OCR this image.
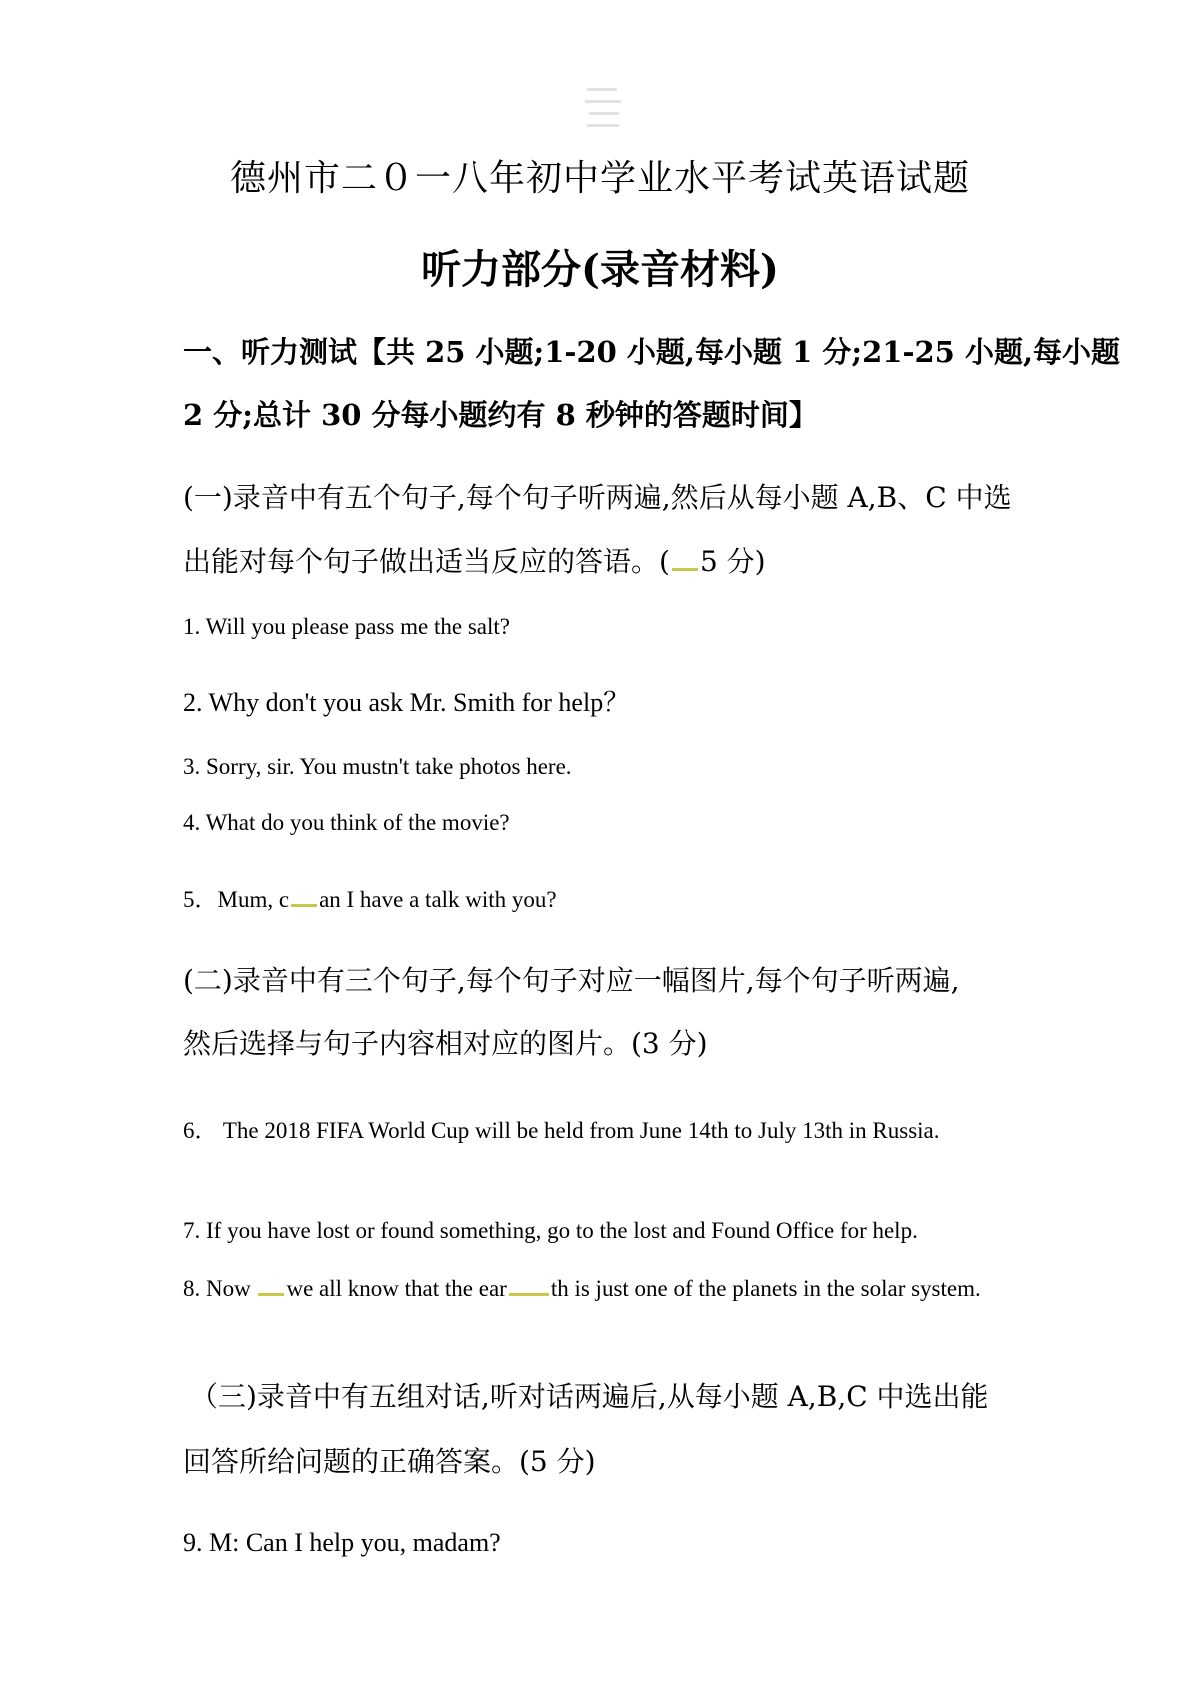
德州市二０一八年初中学业水平考试英语试题
听力部分(录音材料)
一、听力测试【共 25 小题;1-20 小题,每小题 1 分;21-25 小题,每小题
2 分;总计 30 分每小题约有 8 秒钟的答题时间】
(一)录音中有五个句子,每个句子听两遍,然后从每小题 A,B、C 中选
出能对每个句子做出适当反应的答语。( 5 分)
1. Will you please pass me the salt?
2. Why don't you ask Mr. Smith for help？
3. Sorry, sir. You mustn't take photos here.
4. What do you think of the movie?
5．Mum, c an I have a talk with you?
(二)录音中有三个句子,每个句子对应一幅图片,每个句子听两遍,
然后选择与句子内容相对应的图片。(3 分)
6． The 2018 FIFA World Cup will be held from June 14th to July 13th in Russia.
7. If you have lost or found something, go to the lost and Found Office for help.
8. Now we all know that the ear th is just one of the planets in the solar system.
（三)录音中有五组对话,听对话两遍后,从每小题 A,B,C 中选出能
回答所给问题的正确答案。(5 分)
9. M: Can I help you, madam?
